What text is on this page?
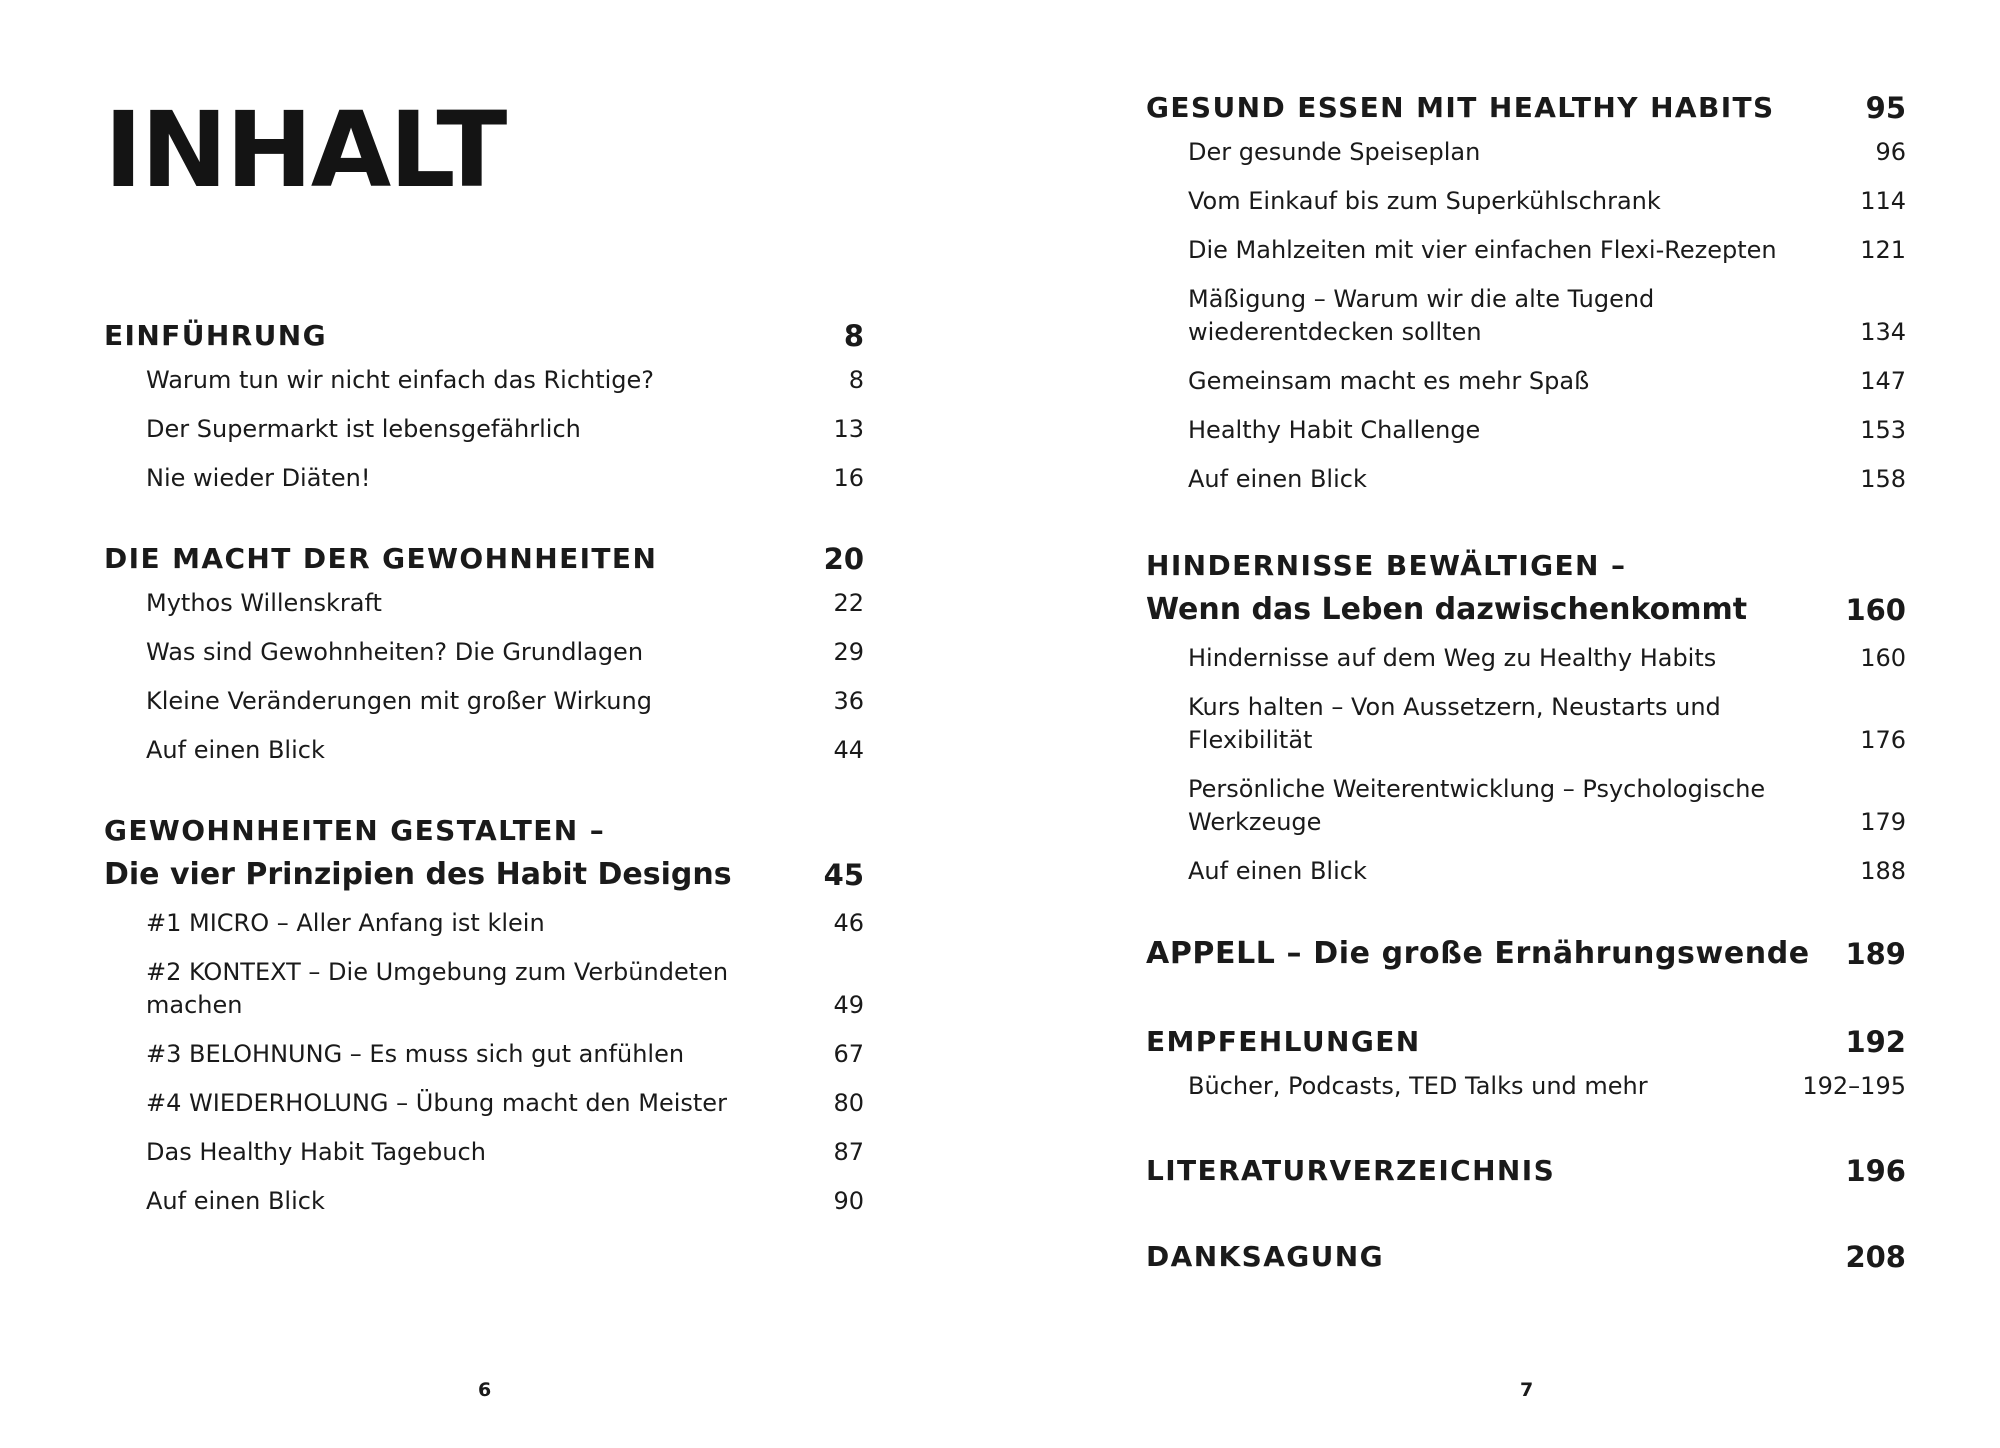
INHALT
EINFÜHRUNG	8
Warum tun wir nicht einfach das Richtige?	8
Der Supermarkt ist lebensgefährlich	13
Nie wieder Diäten!	16
DIE MACHT DER GEWOHNHEITEN	20
Mythos Willenskraft	22
Was sind Gewohnheiten? Die Grundlagen	29
Kleine Veränderungen mit großer Wirkung	36
Auf einen Blick	44
GEWOHNHEITEN GESTALTEN –
Die vier Prinzipien des Habit Designs	45
#1 MICRO – Aller Anfang ist klein	46
#2 KONTEXT – Die Umgebung zum Verbündeten machen	49
#3 BELOHNUNG – Es muss sich gut anfühlen	67
#4 WIEDERHOLUNG – Übung macht den Meister	80
Das Healthy Habit Tagebuch	87
Auf einen Blick	90
6
GESUND ESSEN MIT HEALTHY HABITS	95
Der gesunde Speiseplan	96
Vom Einkauf bis zum Superkühlschrank	114
Die Mahlzeiten mit vier einfachen Flexi-Rezepten	121
Mäßigung – Warum wir die alte Tugend wiederentdecken sollten	134
Gemeinsam macht es mehr Spaß	147
Healthy Habit Challenge	153
Auf einen Blick	158
HINDERNISSE BEWÄLTIGEN –
Wenn das Leben dazwischenkommt	160
Hindernisse auf dem Weg zu Healthy Habits	160
Kurs halten – Von Aussetzern, Neustarts und Flexibilität	176
Persönliche Weiterentwicklung – Psychologische Werkzeuge	179
Auf einen Blick	188
APPELL – Die große Ernährungswende 189
EMPFEHLUNGEN	192
Bücher, Podcasts, TED Talks und mehr	192–195
LITERATURVERZEICHNIS	196
DANKSAGUNG	208
7
